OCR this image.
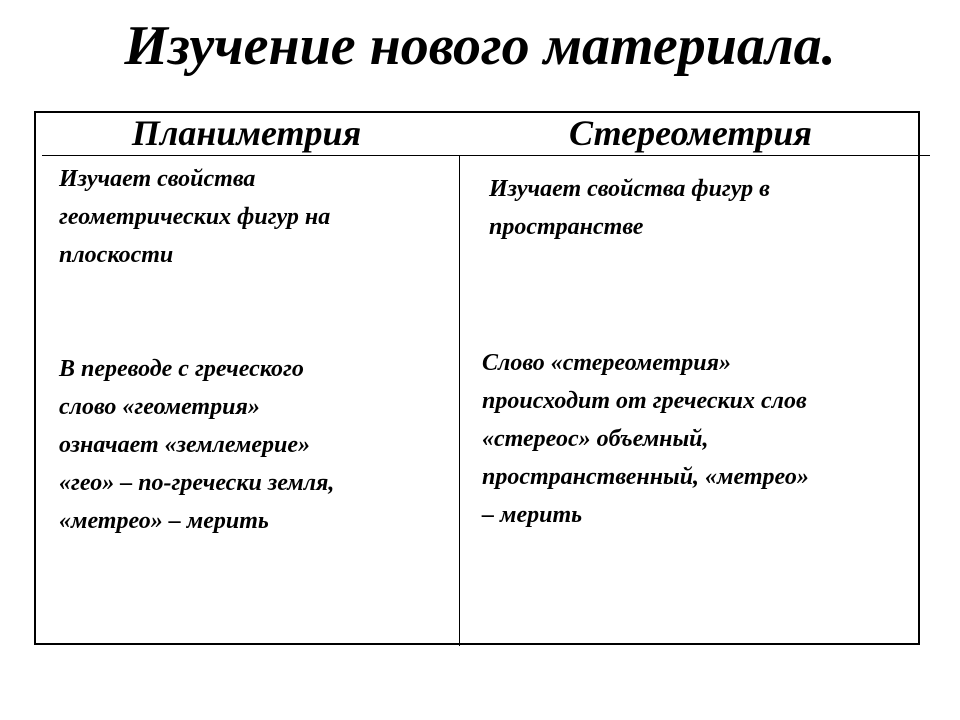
Изучение нового материала.
Планиметрия	Стереометрия

Изучает свойства
геометрических фигур на
плоскости

Изучает свойства фигур в
пространстве

В переводе с греческого
слово «геометрия»
означает «землемерие»
«гео» – по-гречески земля,
«метрео» – мерить

Слово «стереометрия»
происходит от греческих слов
«стереос» объемный,
пространственный, «метрео»
– мерить
